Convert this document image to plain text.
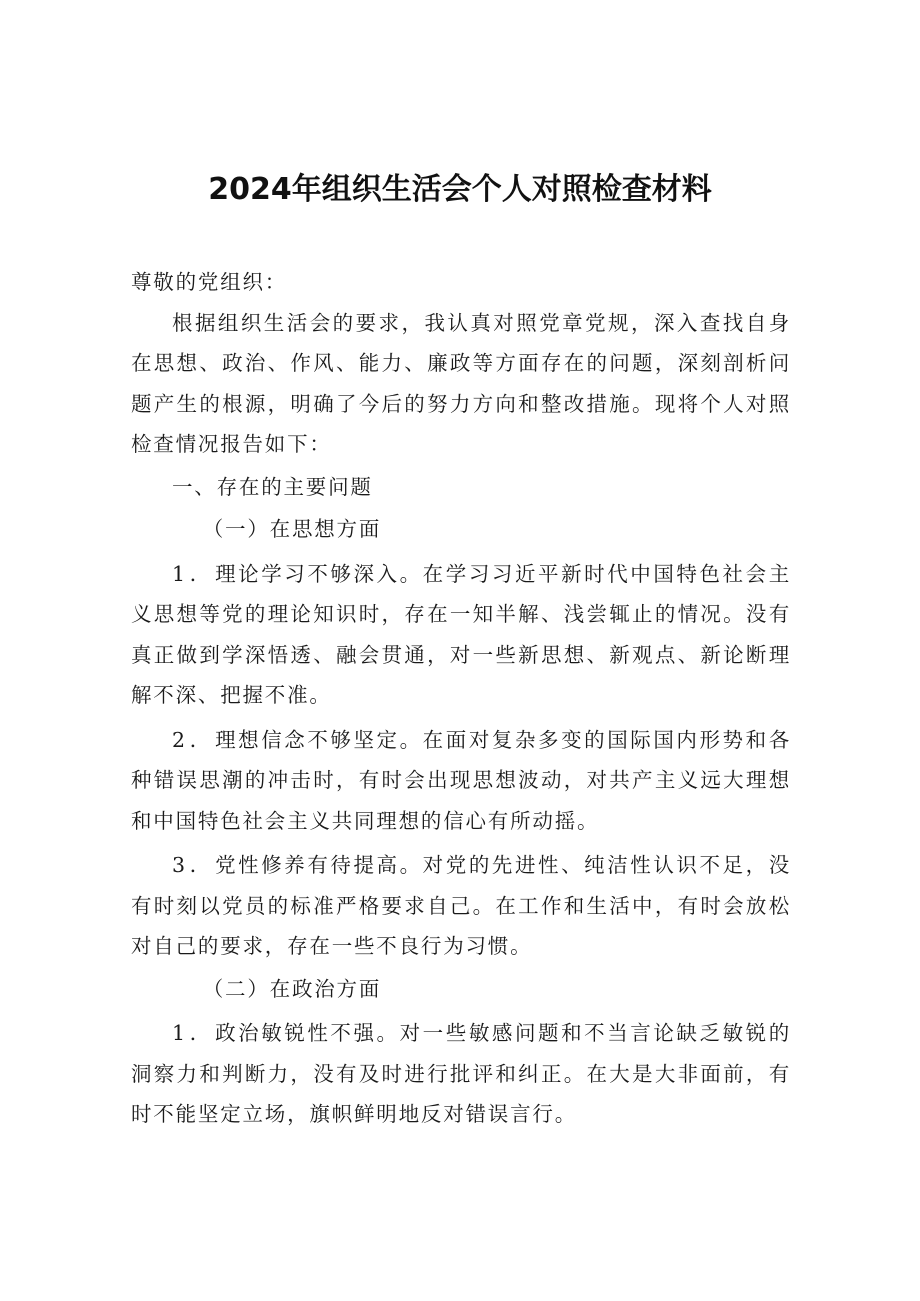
2024年组织生活会个人对照检查材料

尊敬的党组织：

根据组织生活会的要求，我认真对照党章党规，深入查找自身在思想、政治、作风、能力、廉政等方面存在的问题，深刻剖析问题产生的根源，明确了今后的努力方向和整改措施。现将个人对照检查情况报告如下：

一、存在的主要问题

（一）在思想方面

1．理论学习不够深入。在学习习近平新时代中国特色社会主义思想等党的理论知识时，存在一知半解、浅尝辄止的情况。没有真正做到学深悟透、融会贯通，对一些新思想、新观点、新论断理解不深、把握不准。

2．理想信念不够坚定。在面对复杂多变的国际国内形势和各种错误思潮的冲击时，有时会出现思想波动，对共产主义远大理想和中国特色社会主义共同理想的信心有所动摇。

3．党性修养有待提高。对党的先进性、纯洁性认识不足，没有时刻以党员的标准严格要求自己。在工作和生活中，有时会放松对自己的要求，存在一些不良行为习惯。

（二）在政治方面

1．政治敏锐性不强。对一些敏感问题和不当言论缺乏敏锐的洞察力和判断力，没有及时进行批评和纠正。在大是大非面前，有时不能坚定立场，旗帜鲜明地反对错误言行。
